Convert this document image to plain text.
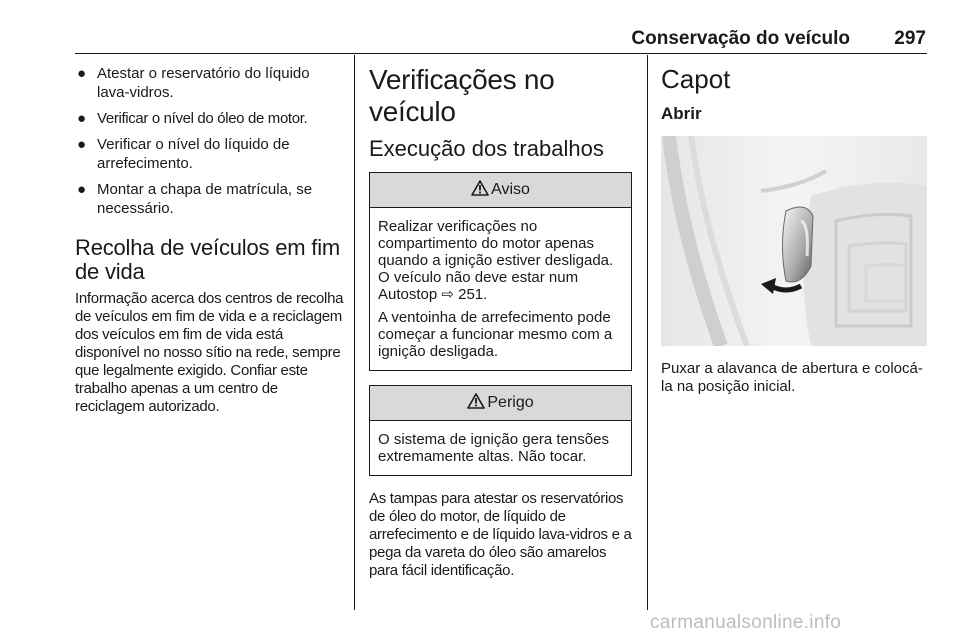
Conservação do veículo	297
● Atestar o reservatório do líquido lava-vidros.
● Verificar o nível do óleo de motor.
● Verificar o nível do líquido de arrefecimento.
● Montar a chapa de matrícula, se necessário.
Recolha de veículos em fim de vida

Informação acerca dos centros de recolha de veículos em fim de vida e a reciclagem dos veículos em fim de vida está disponível no nosso sítio na rede, sempre que legalmente exigido. Confiar este trabalho apenas a um centro de reciclagem autorizado.

Verificações no veículo
Execução dos trabalhos
Aviso

Realizar verificações no compartimento do motor apenas quando a ignição estiver desligada. O veículo não deve estar num Autostop ⇨ 251.

A ventoinha de arrefecimento pode começar a funcionar mesmo com a ignição desligada.

Perigo

O sistema de ignição gera tensões extremamente altas. Não tocar.

As tampas para atestar os reservatórios de óleo do motor, de líquido de arrefecimento e de líquido lava-vidros e a pega da vareta do óleo são amarelos para fácil identificação.

Capot
Abrir

Puxar a alavanca de abertura e colocá-la na posição inicial.

carmanualsonline.info
